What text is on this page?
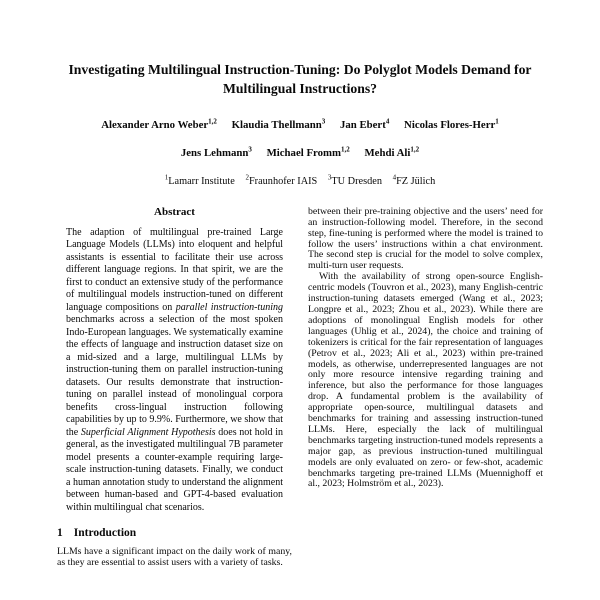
Investigating Multilingual Instruction-Tuning: Do Polyglot Models Demand for Multilingual Instructions?
Alexander Arno Weber$^{1,2}$ Klaudia Thellmann$^3$ Jan Ebert$^4$ Nicolas Flores-Herr$^1$
Jens Lehmann$^3$ Michael Fromm$^{1,2}$ Mehdi Ali$^{1,2}$
$^1$Lamarr Institute $^2$Fraunhofer IAIS $^3$TU Dresden $^4$FZ Jülich
Abstract

The adaption of multilingual pre-trained Large Language Models (LLMs) into eloquent and helpful assistants is essential to facilitate their use across different language regions. In that spirit, we are the first to conduct an extensive study of the performance of multilingual models instruction-tuned on different language compositions on parallel instruction-tuning benchmarks across a selection of the most spoken Indo-European languages. We systematically examine the effects of language and instruction dataset size on a mid-sized and a large, multilingual LLMs by instruction-tuning them on parallel instruction-tuning datasets. Our results demonstrate that instruction-tuning on parallel instead of monolingual corpora benefits cross-lingual instruction following capabilities by up to 9.9%. Furthermore, we show that the Superficial Alignment Hypothesis does not hold in general, as the investigated multilingual 7B parameter model presents a counter-example requiring large-scale instruction-tuning datasets. Finally, we conduct a human annotation study to understand the alignment between human-based and GPT-4-based evaluation within multilingual chat scenarios.

1 Introduction

LLMs have a significant impact on the daily work of many, as they are essential to assist users with a variety of tasks.

between their pre-training objective and the users’ need for an instruction-following model. Therefore, in the second step, fine-tuning is performed where the model is trained to follow the users’ instructions within a chat environment. The second step is crucial for the model to solve complex, multi-turn user requests.

With the availability of strong open-source English-centric models (Touvron et al., 2023), many English-centric instruction-tuning datasets emerged (Wang et al., 2023; Longpre et al., 2023; Zhou et al., 2023). While there are adoptions of monolingual English models for other languages (Uhlig et al., 2024), the choice and training of tokenizers is critical for the fair representation of languages (Petrov et al., 2023; Ali et al., 2023) within pre-trained models, as otherwise, underrepresented languages are not only more resource intensive regarding training and inference, but also the performance for those languages drop. A fundamental problem is the availability of appropriate open-source, multilingual datasets and benchmarks for training and assessing instruction-tuned LLMs. Here, especially the lack of multilingual benchmarks targeting instruction-tuned models represents a major gap, as previous instruction-tuned multilingual models are only evaluated on zero- or few-shot, academic benchmarks targeting pre-trained LLMs (Muennighoff et al., 2023; Holmström et al., 2023).
